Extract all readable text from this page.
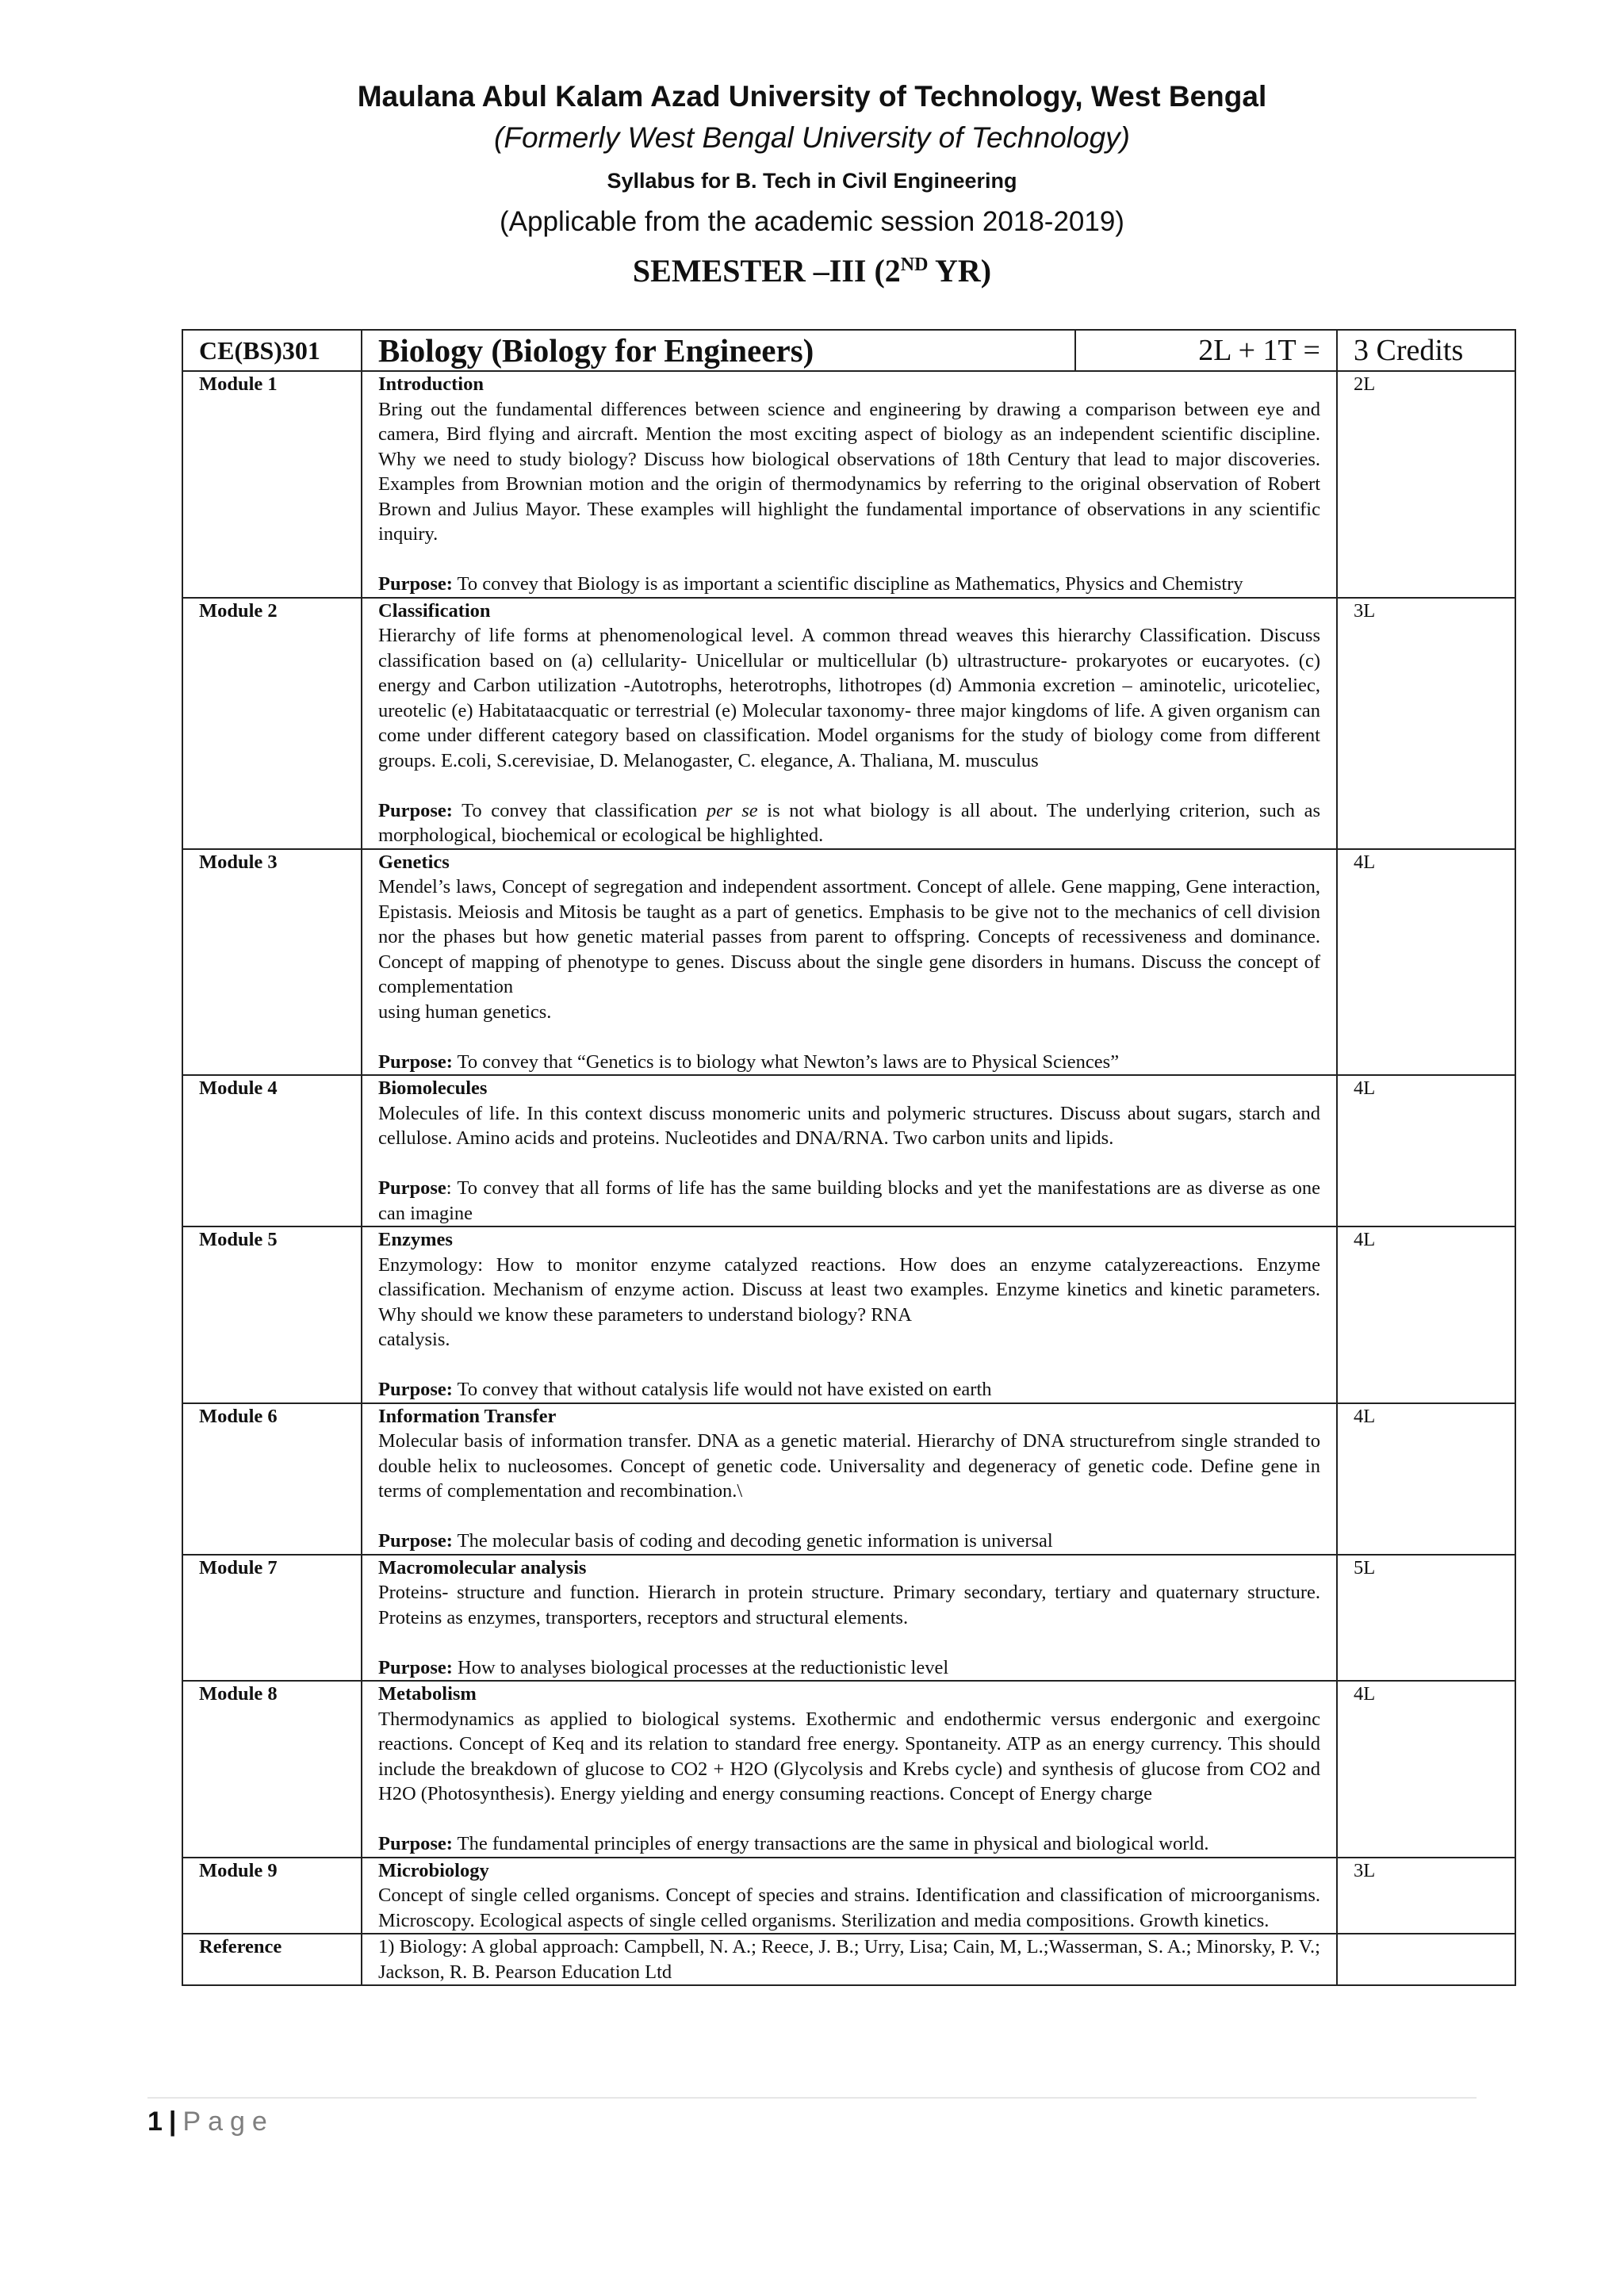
Maulana Abul Kalam Azad University of Technology, West Bengal
(Formerly West Bengal University of Technology)
Syllabus for B. Tech in Civil Engineering
(Applicable from the academic session 2018-2019)
SEMESTER –III (2ND YR)
CE(BS)301	Biology (Biology for Engineers)	2L + 1T =	3 Credits
Module 1	Introduction

Bring out the fundamental differences between science and engineering by drawing a comparison between eye and camera, Bird flying and aircraft. Mention the most exciting aspect of biology as an independent scientific discipline. Why we need to study biology? Discuss how biological observations of 18th Century that lead to major discoveries. Examples from Brownian motion and the origin of thermodynamics by referring to the original observation of Robert Brown and Julius Mayor. These examples will highlight the fundamental importance of observations in any scientific inquiry.

Purpose: To convey that Biology is as important a scientific discipline as Mathematics, Physics and Chemistry		2L
Module 2	Classification

Hierarchy of life forms at phenomenological level. A common thread weaves this hierarchy Classification. Discuss classification based on (a) cellularity- Unicellular or multicellular (b) ultrastructure- prokaryotes or eucaryotes. (c) energy and Carbon utilization -Autotrophs, heterotrophs, lithotropes (d) Ammonia excretion – aminotelic, uricoteliec, ureotelic (e) Habitataacquatic or terrestrial (e) Molecular taxonomy- three major kingdoms of life. A given organism can come under different category based on classification. Model organisms for the study of biology come from different groups. E.coli, S.cerevisiae, D. Melanogaster, C. elegance, A. Thaliana, M. musculus

Purpose: To convey that classification per se is not what biology is all about. The underlying criterion, such as morphological, biochemical or ecological be highlighted.		3L
Module 3	Genetics

Mendel’s laws, Concept of segregation and independent assortment. Concept of allele. Gene mapping, Gene interaction, Epistasis. Meiosis and Mitosis be taught as a part of genetics. Emphasis to be give not to the mechanics of cell division nor the phases but how genetic material passes from parent to offspring. Concepts of recessiveness and dominance. Concept of mapping of phenotype to genes. Discuss about the single gene disorders in humans. Discuss the concept of complementation

using human genetics.

Purpose: To convey that “Genetics is to biology what Newton’s laws are to Physical Sciences”		4L
Module 4	Biomolecules

Molecules of life. In this context discuss monomeric units and polymeric structures. Discuss about sugars, starch and cellulose. Amino acids and proteins. Nucleotides and DNA/RNA. Two carbon units and lipids.

Purpose: To convey that all forms of life has the same building blocks and yet the manifestations are as diverse as one can imagine		4L
Module 5	Enzymes

Enzymology: How to monitor enzyme catalyzed reactions. How does an enzyme catalyzereactions. Enzyme classification. Mechanism of enzyme action. Discuss at least two examples. Enzyme kinetics and kinetic parameters. Why should we know these parameters to understand biology? RNA

catalysis.

Purpose: To convey that without catalysis life would not have existed on earth		4L
Module 6	Information Transfer

Molecular basis of information transfer. DNA as a genetic material. Hierarchy of DNA structurefrom single stranded to double helix to nucleosomes. Concept of genetic code. Universality and degeneracy of genetic code. Define gene in terms of complementation and recombination.\

Purpose: The molecular basis of coding and decoding genetic information is universal		4L
Module 7	Macromolecular analysis

Proteins- structure and function. Hierarch in protein structure. Primary secondary, tertiary and quaternary structure. Proteins as enzymes, transporters, receptors and structural elements.

Purpose: How to analyses biological processes at the reductionistic level		5L
Module 8	Metabolism

Thermodynamics as applied to biological systems. Exothermic and endothermic versus endergonic and exergoinc reactions. Concept of Keq and its relation to standard free energy. Spontaneity. ATP as an energy currency. This should include the breakdown of glucose to CO2 + H2O (Glycolysis and Krebs cycle) and synthesis of glucose from CO2 and H2O (Photosynthesis). Energy yielding and energy consuming reactions. Concept of Energy charge

Purpose: The fundamental principles of energy transactions are the same in physical and biological world.		4L
Module 9	Microbiology

Concept of single celled organisms. Concept of species and strains. Identification and classification of microorganisms. Microscopy. Ecological aspects of single celled organisms. Sterilization and media compositions. Growth kinetics.		3L
Reference	1) Biology: A global approach: Campbell, N. A.; Reece, J. B.; Urry, Lisa; Cain, M, L.;Wasserman, S. A.; Minorsky, P. V.; Jackson, R. B. Pearson Education Ltd		
1 | Page
